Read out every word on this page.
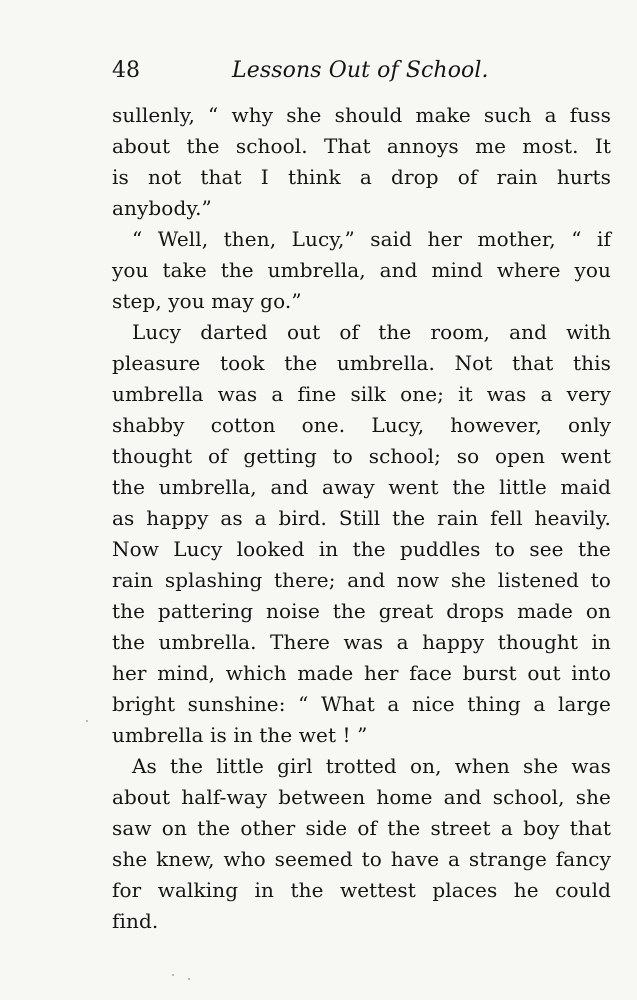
48	Lessons Out of School.
sullenly, “ why she should make such a fuss
about the school. That annoys me most. It
is not that I think a drop of rain hurts
anybody.”
“ Well, then, Lucy,” said her mother, “ if
you take the umbrella, and mind where you
step, you may go.”
Lucy darted out of the room, and with
pleasure took the umbrella. Not that this
umbrella was a fine silk one; it was a very
shabby cotton one. Lucy, however, only
thought of getting to school; so open went
the umbrella, and away went the little maid
as happy as a bird. Still the rain fell heavily.
Now Lucy looked in the puddles to see the
rain splashing there; and now she listened to
the pattering noise the great drops made on
the umbrella. There was a happy thought in
her mind, which made her face burst out into
bright sunshine: “ What a nice thing a large
umbrella is in the wet ! ”
As the little girl trotted on, when she was
about half-way between home and school, she
saw on the other side of the street a boy that
she knew, who seemed to have a strange fancy
for walking in the wettest places he could
find.
